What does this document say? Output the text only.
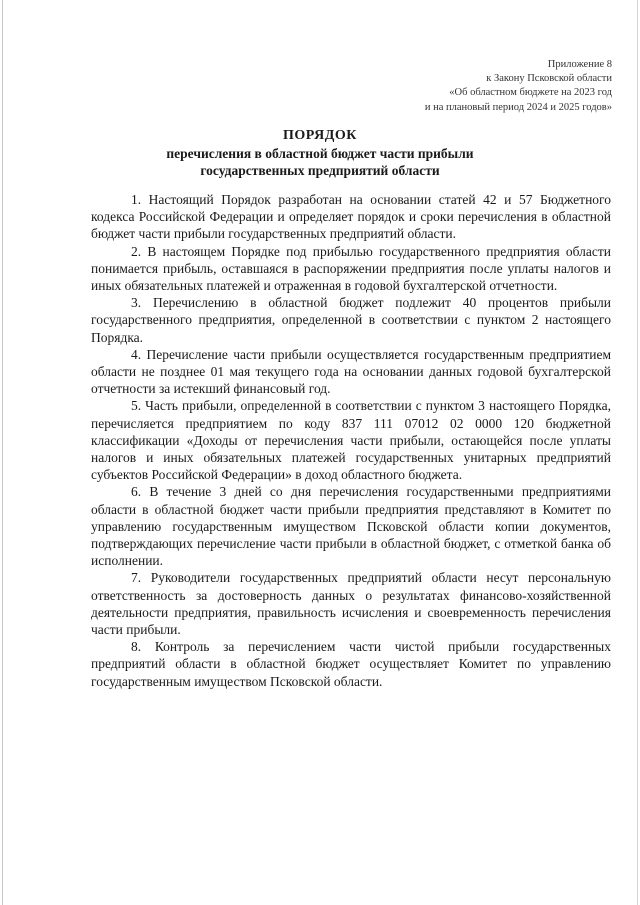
Приложение 8
к Закону Псковской области
«Об областном бюджете на 2023 год
и на плановый период 2024 и 2025 годов»
ПОРЯДОК
перечисления в областной бюджет части прибыли
государственных предприятий области

1. Настоящий Порядок разработан на основании статей 42 и 57 Бюджетного кодекса Российской Федерации и определяет порядок и сроки перечисления в областной бюджет части прибыли государственных предприятий области.

2. В настоящем Порядке под прибылью государственного предприятия области понимается прибыль, оставшаяся в распоряжении предприятия после уплаты налогов и иных обязательных платежей и отраженная в годовой бухгалтерской отчетности.

3. Перечислению в областной бюджет подлежит 40 процентов прибыли государственного предприятия, определенной в соответствии с пунктом 2 настоящего Порядка.

4. Перечисление части прибыли осуществляется государственным предприятием области не позднее 01 мая текущего года на основании данных годовой бухгалтерской отчетности за истекший финансовый год.

5. Часть прибыли, определенной в соответствии с пунктом 3 настоящего Порядка, перечисляется предприятием по коду 837 111 07012 02 0000 120 бюджетной классификации «Доходы от перечисления части прибыли, остающейся после уплаты налогов и иных обязательных платежей государственных унитарных предприятий субъектов Российской Федерации» в доход областного бюджета.

6. В течение 3 дней со дня перечисления государственными предприятиями области в областной бюджет части прибыли предприятия представляют в Комитет по управлению государственным имуществом Псковской области копии документов, подтверждающих перечисление части прибыли в областной бюджет, с отметкой банка об исполнении.

7. Руководители государственных предприятий области несут персональную ответственность за достоверность данных о результатах финансово-хозяйственной деятельности предприятия, правильность исчисления и своевременность перечисления части прибыли.

8. Контроль за перечислением части чистой прибыли государственных предприятий области в областной бюджет осуществляет Комитет по управлению государственным имуществом Псковской области.
